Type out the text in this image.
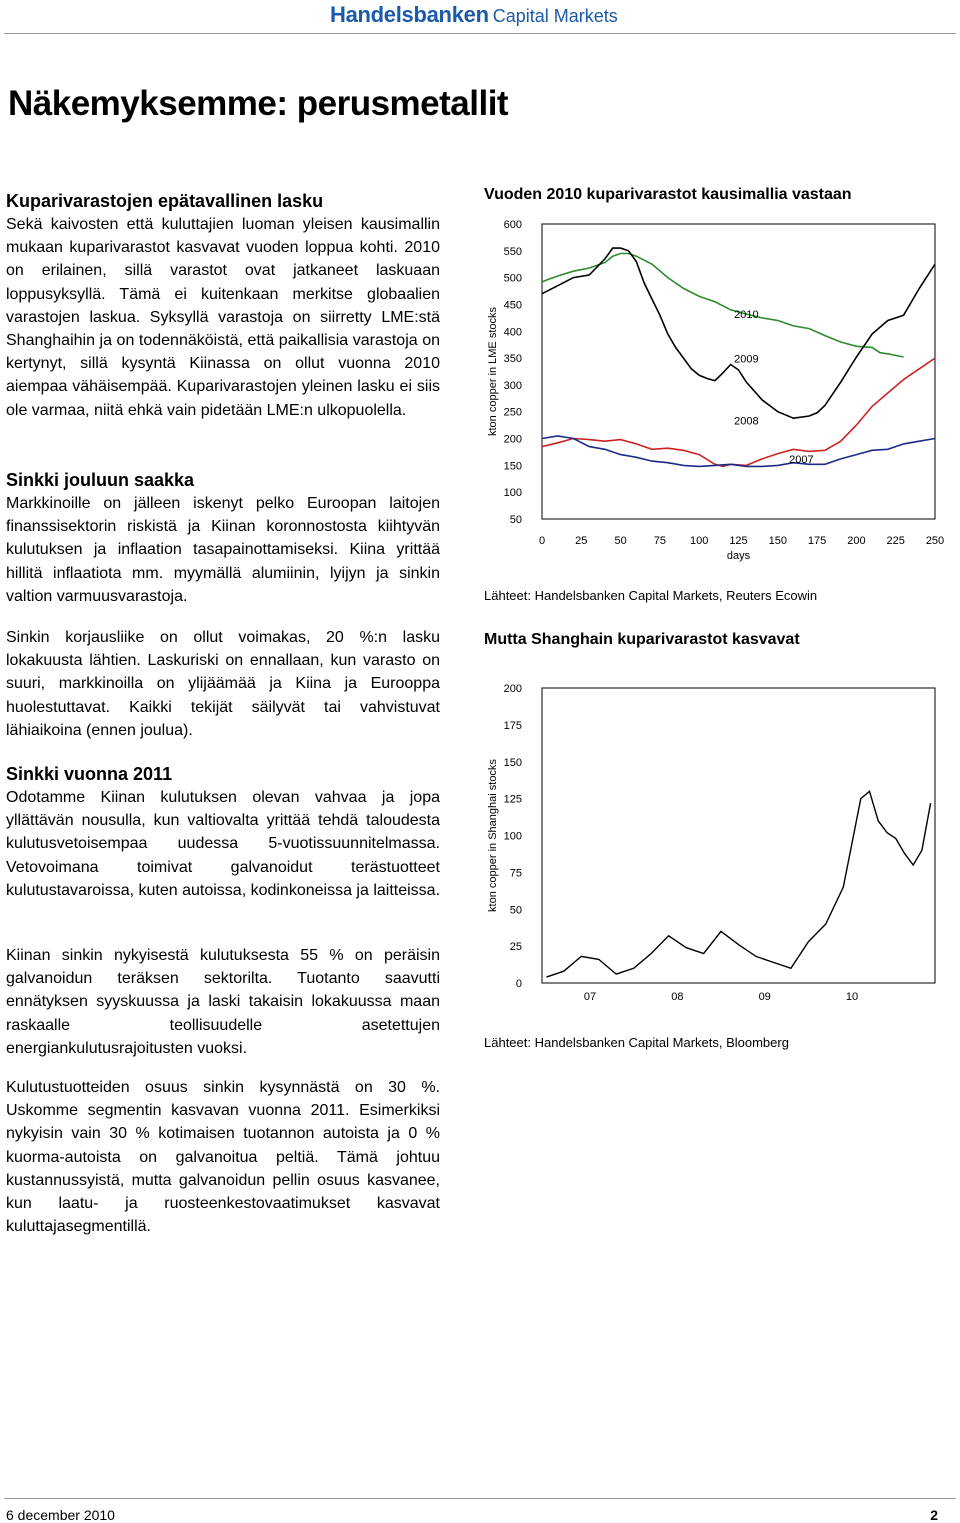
Handelsbanken Capital Markets
Näkemyksemme: perusmetallit
Kuparivarastojen epätavallinen lasku

Sekä kaivosten että kuluttajien luoman yleisen kausimallin mukaan kuparivarastot kasvavat vuoden loppua kohti. 2010 on erilainen, sillä varastot ovat jatkaneet laskuaan loppusyksyllä. Tämä ei kuitenkaan merkitse globaalien varastojen laskua. Syksyllä varastoja on siirretty LME:stä Shanghaihin ja on todennäköistä, että paikallisia varastoja on kertynyt, sillä kysyntä Kiinassa on ollut vuonna 2010 aiempaa vähäisempää. Kuparivarastojen yleinen lasku ei siis ole varmaa, niitä ehkä vain pidetään LME:n ulkopuolella.

Sinkki jouluun saakka

Markkinoille on jälleen iskenyt pelko Euroopan laitojen finanssisektorin riskistä ja Kiinan koronnostosta kiihtyvän kulutuksen ja inflaation tasapainottamiseksi. Kiina yrittää hillitä inflaatiota mm. myymällä alumiinin, lyijyn ja sinkin valtion varmuusvarastoja.

Sinkin korjausliike on ollut voimakas, 20 %:n lasku lokakuusta lähtien. Laskuriski on ennallaan, kun varasto on suuri, markkinoilla on ylijäämää ja Kiina ja Eurooppa huolestuttavat. Kaikki tekijät säilyvät tai vahvistuvat lähiaikoina (ennen joulua).

Sinkki vuonna 2011

Odotamme Kiinan kulutuksen olevan vahvaa ja jopa yllättävän nousulla, kun valtiovalta yrittää tehdä taloudesta kulutusvetoisempaa uudessa 5-vuotissuunnitelmassa. Vetovoimana toimivat galvanoidut terästuotteet kulutustavaroissa, kuten autoissa, kodinkoneissa ja laitteissa.

Kiinan sinkin nykyisestä kulutuksesta 55 % on peräisin galvanoidun teräksen sektorilta. Tuotanto saavutti ennätyksen syyskuussa ja laski takaisin lokakuussa maan raskaalle teollisuudelle asetettujen energiankulutusrajoitusten vuoksi.

Kulutustuotteiden osuus sinkin kysynnästä on 30 %. Uskomme segmentin kasvavan vuonna 2011. Esimerkiksi nykyisin vain 30 % kotimaisen tuotannon autoista ja 0 % kuorma-autoista on galvanoitua peltiä. Tämä johtuu kustannussyistä, mutta galvanoidun pellin osuus kasvanee, kun laatu- ja ruosteenkestovaatimukset kasvavat kuluttajasegmentillä.

Vuoden 2010 kuparivarastot kausimallia vastaan
600
550
500
450
400
350
300
250
200
150
100
50
0	25 50 75 100 125 150 175 200 225 250
days
kton copper in LME stocks	2010
2009
2008
2007
Lähteet: Handelsbanken Capital Markets, Reuters Ecowin
Mutta Shanghain kuparivarastot kasvavat
200
175
150
125
100
75
50
25
0
07	08	09	10
kton copper in Shanghai stocks
Lähteet: Handelsbanken Capital Markets, Bloomberg
6 december 2010	2
